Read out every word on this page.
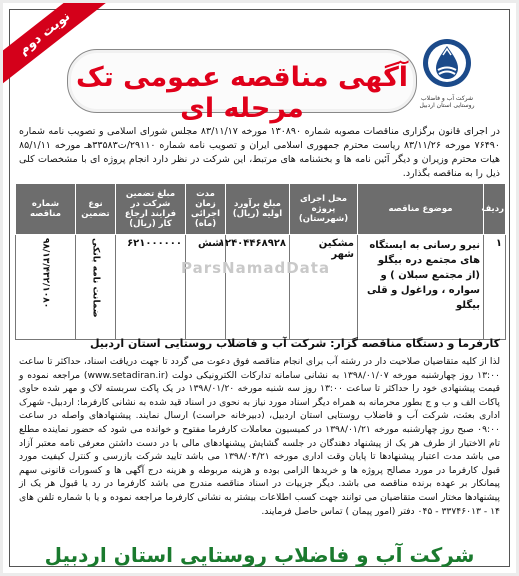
نوبت دوم
آگهی مناقصه عمومی تک مرحله ای	شرکت آب و فاضلاب روستایی استان اردبیل
در اجرای قانون برگزاری مناقصات مصوبه شماره ۱۳۰۸۹۰ مورخه ۸۳/۱۱/۱۷ مجلس شورای اسلامی و تصویب نامه شماره ۷۶۴۹۰ مورخه ۸۳/۱۱/۲۶ ریاست محترم جمهوری اسلامی ایران و تصویب نامه شماره ۲۹۱۱۰/ت۳۳۵۸۳هـ مورخه ۸۵/۱/۱۱ هیات محترم وزیران و دیگر آئین نامه ها و بخشنامه های مرتبط، این شرکت در نظر دارد انجام پروژه ای با مشخصات کلی ذیل را به مناقصه بگذارد.
ردیف	موضوع مناقصه	محل اجرای پروژه (شهرستان)	مبلغ برآورد اولیه (ریال)	مدت زمان اجرائی (ماه)	مبلغ تضمین شرکت در فرایند ارجاع کار (ریال)	نوع تضمین	شماره مناقصه
۱	نیرو رسانی به ایستگاه های مجتمع دره بیگلو (از مجتمع سبلان ) و سواره ، وراغول و قلی بیگلو	مشکین شهر	۱۲۴۰۴۴۶۸۹۲۸	شش	۶۲۱۰۰۰۰۰۰	ضمانت نامه بانکی	۹۸/۱۳/۴۳۲/۱۰۸۰	ParsNamadData
کارفرما و دستگاه مناقصه گزار: شرکت آب و فاضلاب روستایی استان اردبیل
لذا از کلیه متقاضیان صلاحیت دار در رشته آب برای انجام مناقصه فوق دعوت می گردد تا جهت دریافت اسناد، حداکثر تا ساعت ۱۳:۰۰ روز چهارشنبه مورخه ۱۳۹۸/۰۱/۰۷ به نشانی سامانه تدارکات الکترونیکی دولت (www.setadiran.ir) مراجعه نموده و قیمت پیشنهادی خود را حداکثر تا ساعت ۱۳:۰۰ روز سه شنبه مورخه ۱۳۹۸/۰۱/۲۰ در یک پاکت سربسته لاک و مهر شده حاوی پاکات الف و ب و ج بطور محرمانه به همراه دیگر اسناد مورد نیاز به نحوی در اسناد قید شده به نشانی کارفرما: اردبیل- شهرک اداری بعثت، شرکت آب و فاضلاب روستایی استان اردبیل، (دبیرخانه حراست) ارسال نمایند. پیشنهادهای واصله در ساعت ۰۹:۰۰ صبح روز چهارشنبه مورخه ۱۳۹۸/۰۱/۲۱ در کمیسیون معاملات کارفرما مفتوح و خوانده می شود که حضور نماینده مطلع تام الاختیار از طرف هر یک از پیشنهاد دهندگان در جلسه گشایش پیشنهادهای مالی با در دست داشتن معرفی نامه معتبر آزاد می باشد مدت اعتبار پیشنهادها تا پایان وقت اداری مورخه ۱۳۹۸/۰۴/۲۱ می باشد تایید شرکت بازرسی و کنترل کیفیت مورد قبول کارفرما در مورد مصالح پروژه ها و خریدها الزامی بوده و هزینه مربوطه و هزینه درج آگهی ها و کسورات قانونی سهم پیمانکار بر عهده برنده مناقصه می باشد. دیگر جزییات در اسناد مناقصه مندرج می باشد کارفرما در رد یا قبول هر یک از پیشنهادها مختار است متقاضیان می توانند جهت کسب اطلاعات بیشتر به نشانی کارفرما مراجعه نموده و یا با شماره تلفن های ۱۴ - ۳۳۷۴۶۰۱۳ - ۰۴۵ دفتر (امور پیمان ) تماس حاصل فرمایند.
شرکت آب و فاضلاب روستایی استان اردبیل
